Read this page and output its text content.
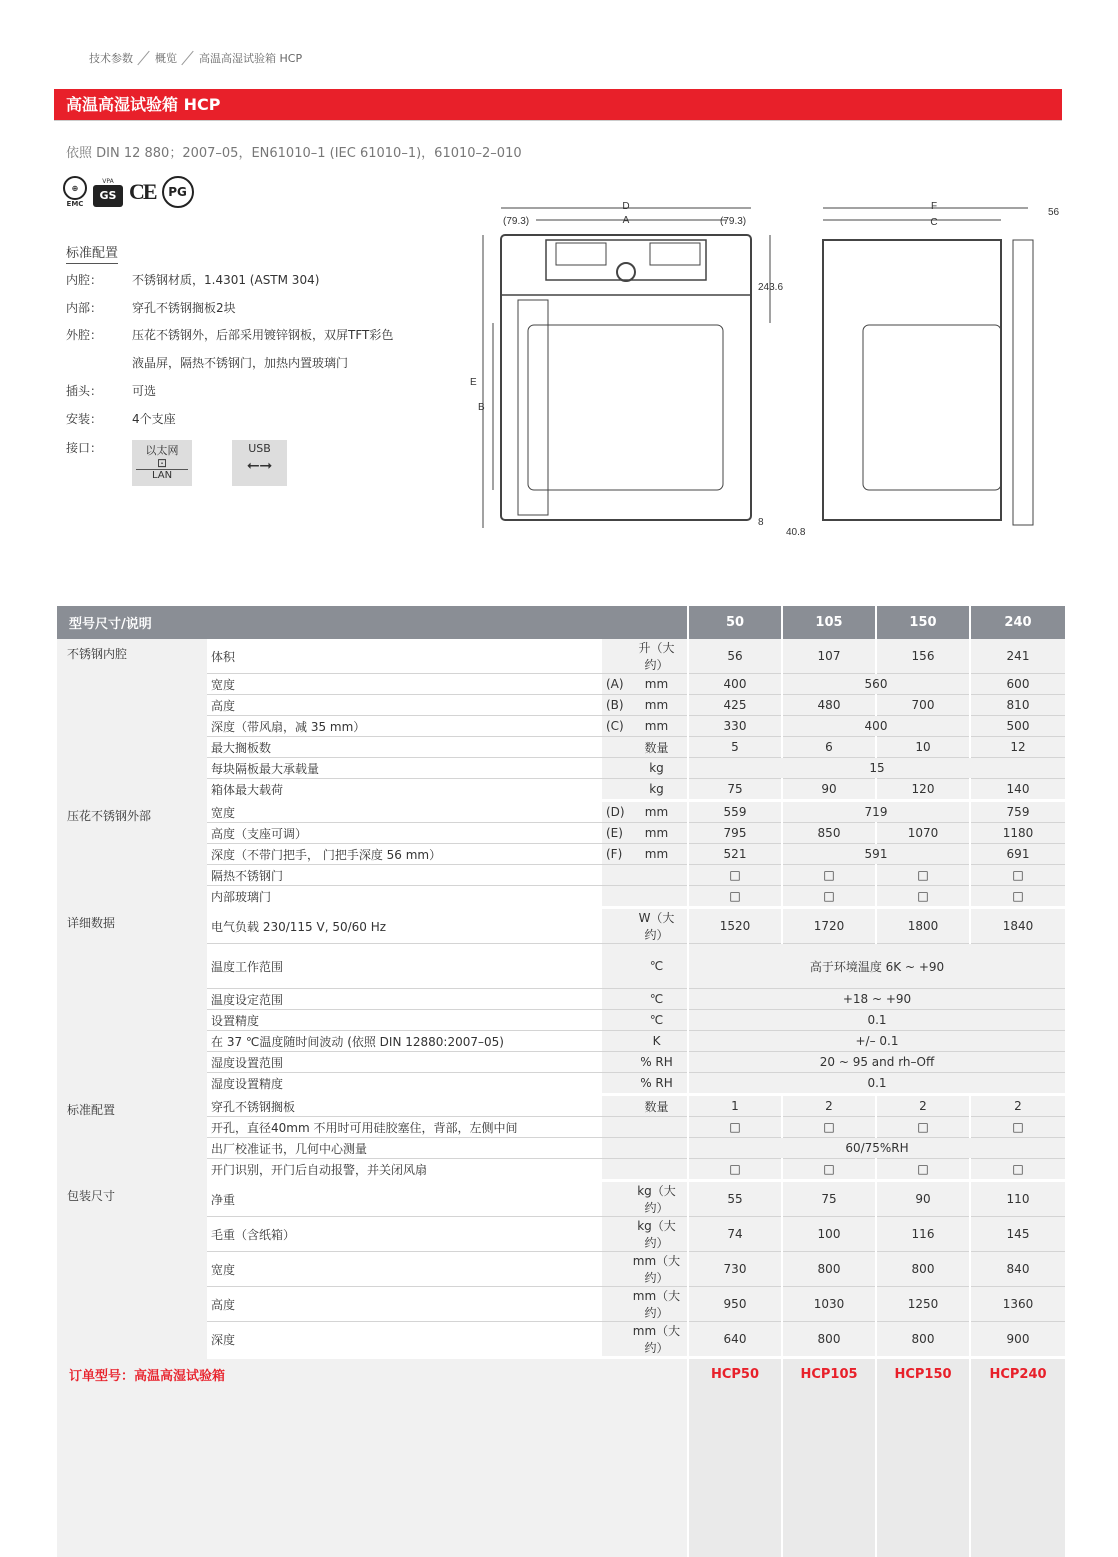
技术参数 概览 高温高湿试验箱 HCP
高温高湿试验箱 HCP
依照 DIN 12 880；2007–05，EN61010–1 (IEC 61010–1)，61010–2–010
⊕
EMC
VPA
GS CE	PG
标准配置
内腔： 不锈钢材质，1.4301 (ASTM 304)
内部： 穿孔不锈钢搁板2块
外腔： 压花不锈钢外，后部采用镀锌钢板，双屏TFT彩色
液晶屏，隔热不锈钢门，加热内置玻璃门
插头： 可选
安装： 4个支座
接口：	以太网
⊡
LAN
USB
⭠⭢
D
A
(79.3)	(79.3)
F
C
56
E
B
243.6
8
40.8
型号尺寸/说明				50	105	150	240
不锈钢内腔	体积		升（大约）	56	107	156	241
	宽度	(A)	mm	400	560		600
	高度	(B)	mm	425	480	700	810
	深度（带风扇，减 35 mm）	(C)	mm	330	400		500
	最大搁板数		数量	5	6	10	12
	每块隔板最大承载量		kg	15			
	箱体最大载荷		kg	75	90	120	140
压花不锈钢外部	宽度	(D)	mm	559	719		759
	高度（支座可调）	(E)	mm	795	850	1070	1180
	深度（不带门把手， 门把手深度 56 mm）	(F)	mm	521	591		691
	隔热不锈钢门			□	□	□	□
	内部玻璃门			□	□	□	□
详细数据	电气负载 230/115 V, 50/60 Hz		W（大约）	1520	1720	1800	1840
	温度工作范围		℃	高于环境温度 6K ~ +90			
	温度设定范围		℃	+18 ~ +90			
	设置精度		℃	0.1			
	在 37 ℃温度随时间波动 (依照 DIN 12880:2007–05)		K	+/– 0.1			
	湿度设置范围		% RH	20 ~ 95 and rh–Off			
	湿度设置精度		% RH	0.1			
标准配置	穿孔不锈钢搁板		数量	1	2	2	2
	开孔，直径40mm 不用时可用硅胶塞住，背部，左侧中间			□	□	□	□
	出厂校准证书，几何中心测量			60/75%RH			
	开门识别，开门后自动报警，并关闭风扇			□	□	□	□
包装尺寸	净重		kg（大约）	55	75	90	110
	毛重（含纸箱）		kg（大约）	74	100	116	145
	宽度		mm（大约）	730	800	800	840
	高度		mm（大约）	950	1030	1250	1360
	深度		mm（大约）	640	800	800	900
订单型号：高温高湿试验箱				HCP50	HCP105	HCP150	HCP240
